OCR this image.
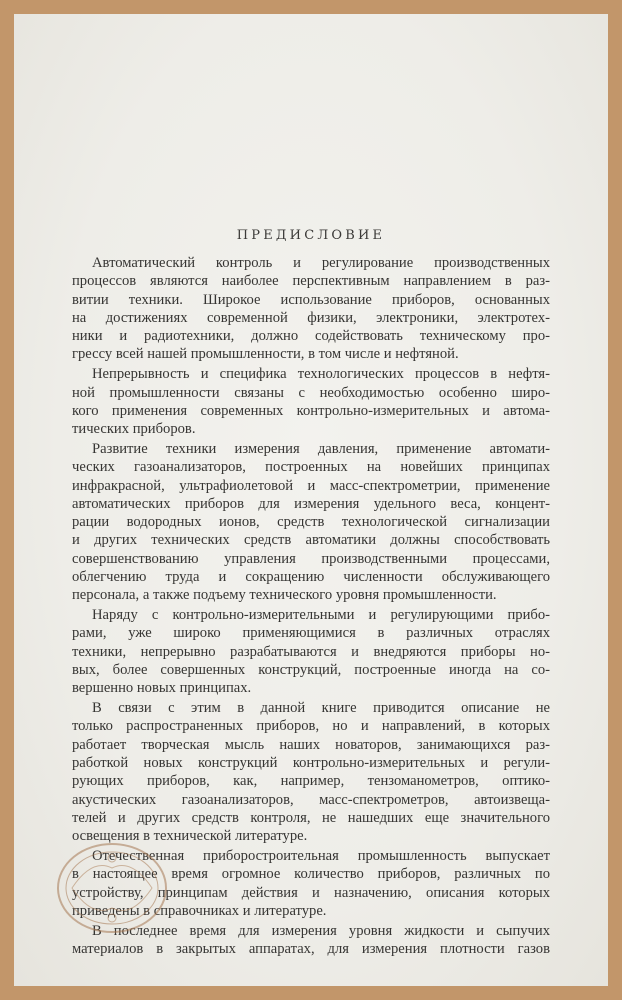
ПРЕДИСЛОВИЕ

Автоматический контроль и регулирование производственных
процессов являются наиболее перспективным направлением в раз-
витии техники. Широкое использование приборов, основанных
на достижениях современной физики, электроники, электротех-
ники и радиотехники, должно содействовать техническому про-
грессу всей нашей промышленности, в том числе и нефтяной.

Непрерывность и специфика технологических процессов в нефтя-
ной промышленности связаны с необходимостью особенно широ-
кого применения современных контрольно-измерительных и автома-
тических приборов.

Развитие техники измерения давления, применение автомати-
ческих газоанализаторов, построенных на новейших принципах
инфракрасной, ультрафиолетовой и масс-спектрометрии, применение
автоматических приборов для измерения удельного веса, концент-
рации водородных ионов, средств технологической сигнализации
и других технических средств автоматики должны способствовать
совершенствованию управления производственными процессами,
облегчению труда и сокращению численности обслуживающего
персонала, а также подъему технического уровня промышленности.

Наряду с контрольно-измерительными и регулирующими прибо-
рами, уже широко применяющимися в различных отраслях
техники, непрерывно разрабатываются и внедряются приборы но-
вых, более совершенных конструкций, построенные иногда на со-
вершенно новых принципах.

В связи с этим в данной книге приводится описание не
только распространенных приборов, но и направлений, в которых
работает творческая мысль наших новаторов, занимающихся раз-
работкой новых конструкций контрольно-измерительных и регули-
рующих приборов, как, например, тензоманометров, оптико-
акустических газоанализаторов, масс-спектрометров, автоизвеща-
телей и других средств контроля, не нашедших еще значительного
освещения в технической литературе.

Отечественная приборостроительная промышленность выпускает
в настоящее время огромное количество приборов, различных по
устройству, принципам действия и назначению, описания которых
приведены в справочниках и литературе.

В последнее время для измерения уровня жидкости и сыпучих
материалов в закрытых аппаратах, для измерения плотности газов
